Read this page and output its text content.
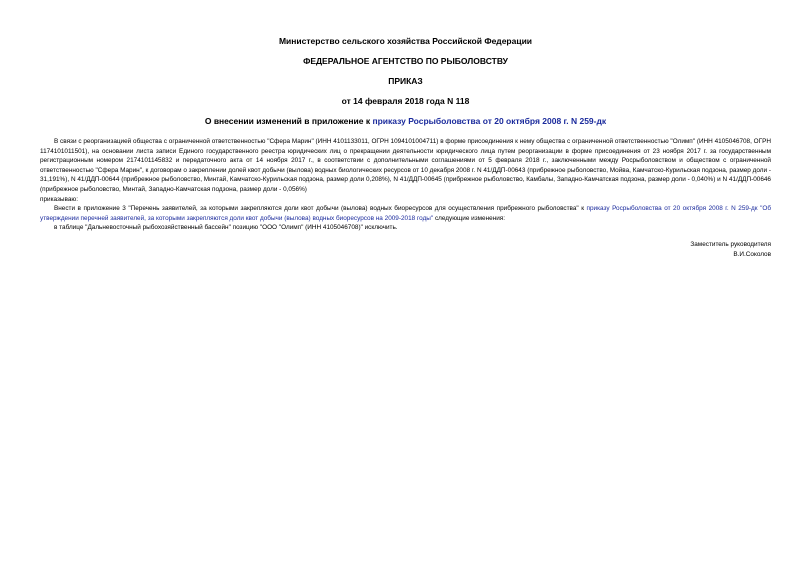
Министерство сельского хозяйства Российской Федерации
ФЕДЕРАЛЬНОЕ АГЕНТСТВО ПО РЫБОЛОВСТВУ
ПРИКАЗ
от 14 февраля 2018 года N 118
О внесении изменений в приложение к приказу Росрыболовства от 20 октября 2008 г. N 259-дк

В связи с реорганизацией общества с ограниченной ответственностью "Сфера Марин" (ИНН 4101133011, ОГРН 1094101004711) в форме присоединения к нему общества с ограниченной ответственностью "Олимп" (ИНН 4105046708, ОГРН 1174101011501), на основании листа записи Единого государственного реестра юридических лиц о прекращении деятельности юридического лица путем реорганизации в форме присоединения от 23 ноября 2017 г. за государственным регистрационным номером 2174101145832 и передаточного акта от 14 ноября 2017 г., в соответствии с дополнительными соглашениями от 5 февраля 2018 г., заключенными между Росрыболовством и обществом с ограниченной ответственностью "Сфера Марин", к договорам о закреплении долей квот добычи (вылова) водных биологических ресурсов от 10 декабря 2008 г. N 41/ДДП-00643 (прибрежное рыболовство, Мойва, Камчатско-Курильская подзона, размер доли - 31,191%), N 41/ДДП-00644 (прибрежное рыболовство, Минтай, Камчатско-Курильская подзона, размер доли 0,208%), N 41/ДДП-00645 (прибрежное рыболовство, Камбалы, Западно-Камчатская подзона, размер доли - 0,040%) и N 41/ДДП-00646 (прибрежное рыболовство, Минтай, Западно-Камчатская подзона, размер доли - 0,056%)

приказываю:

Внести в приложение 3 "Перечень заявителей, за которыми закрепляются доли квот добычи (вылова) водных биоресурсов для осуществления прибрежного рыболовства" к приказу Росрыболовства от 20 октября 2008 г. N 259-дк "Об утверждении перечней заявителей, за которыми закрепляются доли квот добычи (вылова) водных биоресурсов на 2009-2018 годы" следующие изменения:

в таблице "Дальневосточный рыбохозяйственный бассейн" позицию "ООО "Олимп" (ИНН 4105046708)" исключить.

Заместитель руководителя
В.И.Соколов
